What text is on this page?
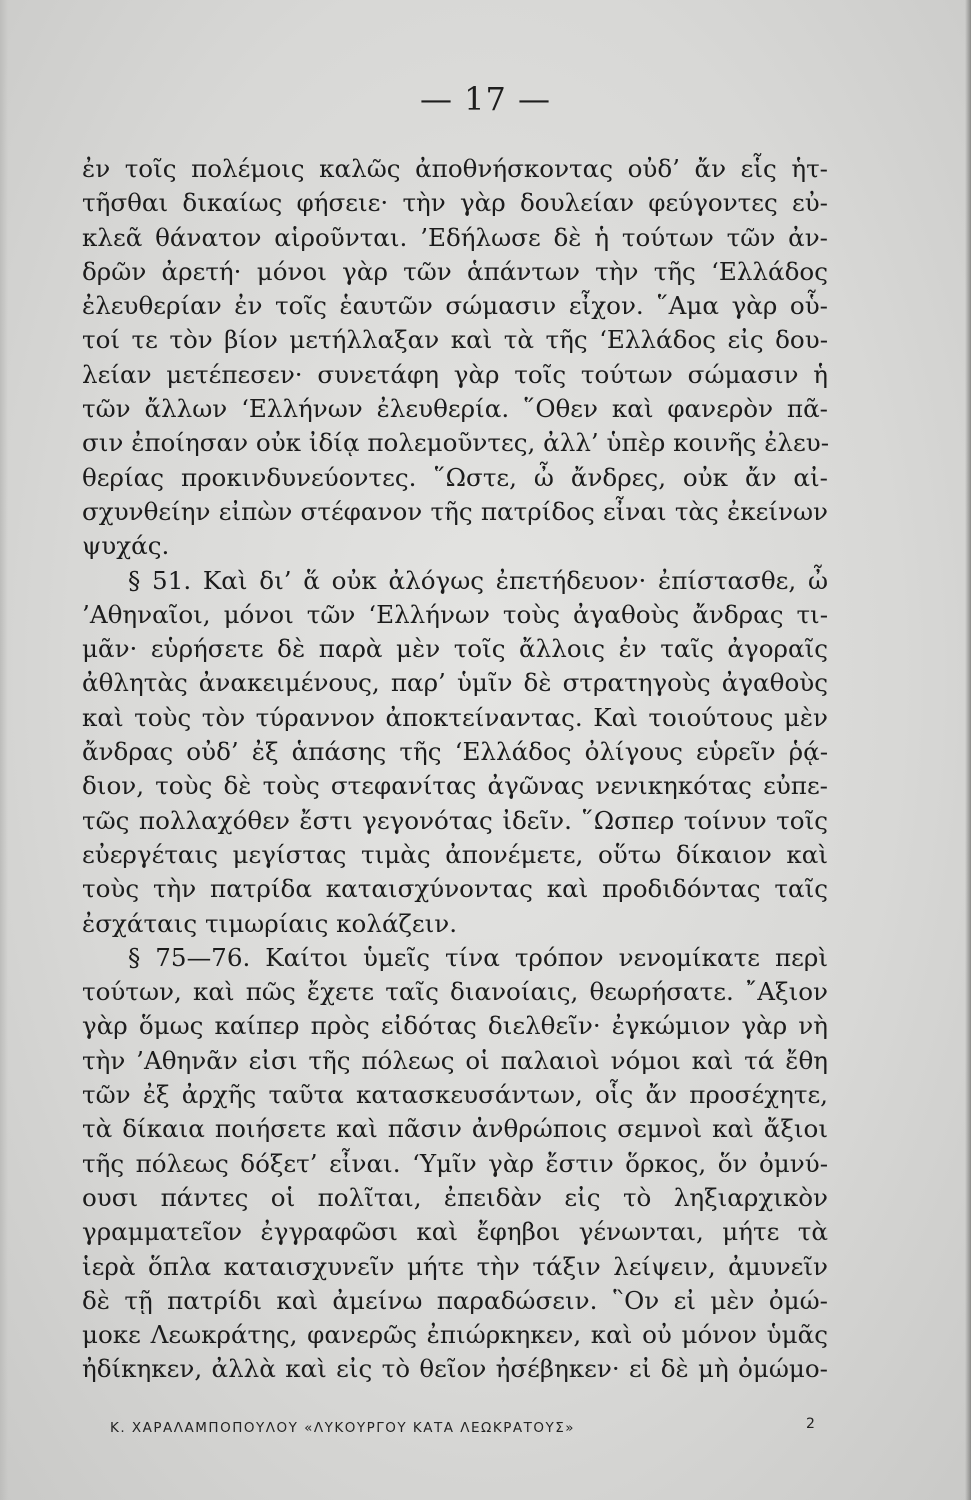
— 17 —
ἐν τοῖς πολέμοις καλῶς ἀποθνήσκοντας οὐδ’ ἄν εἷς ἡτ-
τῆσθαι δικαίως φήσειε· τὴν γὰρ δουλείαν φεύγοντες εὐ-
κλεᾶ θάνατον αἱροῦνται. ’Εδήλωσε δὲ ἡ τούτων τῶν ἀν-
δρῶν ἀρετή· μόνοι γὰρ τῶν ἁπάντων τὴν τῆς ‘Ελλάδος
ἐλευθερίαν ἐν τοῖς ἑαυτῶν σώμασιν εἶχον. ῞Αμα γὰρ οὗ-
τοί τε τὸν βίον μετήλλαξαν καὶ τὰ τῆς ‘Ελλάδος εἰς δου-
λείαν μετέπεσεν· συνετάφη γὰρ τοῖς τούτων σώμασιν ἡ
τῶν ἄλλων ‘Ελλήνων ἐλευθερία. ῞Οθεν καὶ φανερὸν πᾶ-
σιν ἐποίησαν οὐκ ἰδίᾳ πολεμοῦντες, ἀλλ’ ὑπὲρ κοινῆς ἐλευ-
θερίας προκινδυνεύοντες. ῞Ωστε, ὦ ἄνδρες, οὐκ ἄν αἰ-
σχυνθείην εἰπὼν στέφανον τῆς πατρίδος εἶναι τὰς ἐκείνων
ψυχάς.
§ 51. Καὶ δι’ ἅ οὐκ ἀλόγως ἐπετήδευον· ἐπίστασθε, ὦ
’Αθηναῖοι, μόνοι τῶν ‘Ελλήνων τοὺς ἀγαθοὺς ἄνδρας τι-
μᾶν· εὑρήσετε δὲ παρὰ μὲν τοῖς ἄλλοις ἐν ταῖς ἀγοραῖς
ἀθλητὰς ἀνακειμένους, παρ’ ὑμῖν δὲ στρατηγοὺς ἀγαθοὺς
καὶ τοὺς τὸν τύραννον ἀποκτείναντας. Καὶ τοιούτους μὲν
ἄνδρας οὐδ’ ἐξ ἁπάσης τῆς ‘Ελλάδος ὀλίγους εὑρεῖν ῥᾴ-
διον, τοὺς δὲ τοὺς στεφανίτας ἀγῶνας νενικηκότας εὐπε-
τῶς πολλαχόθεν ἔστι γεγονότας ἰδεῖν. ῞Ωσπερ τοίνυν τοῖς
εὐεργέταις μεγίστας τιμὰς ἀπονέμετε, οὕτω δίκαιον καὶ
τοὺς τὴν πατρίδα καταισχύνοντας καὶ προδιδόντας ταῖς
ἐσχάταις τιμωρίαις κολάζειν.
§ 75—76. Καίτοι ὑμεῖς τίνα τρόπον νενομίκατε περὶ
τούτων, καὶ πῶς ἔχετε ταῖς διανοίαις, θεωρήσατε. ῎Αξιον
γὰρ ὅμως καίπερ πρὸς εἰδότας διελθεῖν· ἐγκώμιον γὰρ νὴ
τὴν ’Αθηνᾶν εἰσι τῆς πόλεως οἱ παλαιοὶ νόμοι καὶ τά ἔθη
τῶν ἐξ ἀρχῆς ταῦτα κατασκευσάντων, οἷς ἄν προσέχητε,
τὰ δίκαια ποιήσετε καὶ πᾶσιν ἀνθρώποις σεμνοὶ καὶ ἄξιοι
τῆς πόλεως δόξετ’ εἶναι. ‘Υμῖν γὰρ ἔστιν ὅρκος, ὅν ὀμνύ-
ουσι πάντες οἱ πολῖται, ἐπειδὰν εἰς τὸ ληξιαρχικὸν
γραμματεῖον ἐγγραφῶσι καὶ ἔφηβοι γένωνται, μήτε τὰ
ἱερὰ ὅπλα καταισχυνεῖν μήτε τὴν τάξιν λείψειν, ἀμυνεῖν
δὲ τῇ πατρίδι καὶ ἀμείνω παραδώσειν. ῝Ον εἰ μὲν ὀμώ-
μοκε Λεωκράτης, φανερῶς ἐπιώρκηκεν, καὶ οὐ μόνον ὑμᾶς
ἠδίκηκεν, ἀλλὰ καὶ εἰς τὸ θεῖον ἠσέβηκεν· εἰ δὲ μὴ ὀμώμο-
Κ. ΧΑΡΑΛΑΜΠΟΠΟΥΛΟΥ «ΛΥΚΟΥΡΓΟΥ ΚΑΤΑ ΛΕΩΚΡΑΤΟΥΣ»	2
